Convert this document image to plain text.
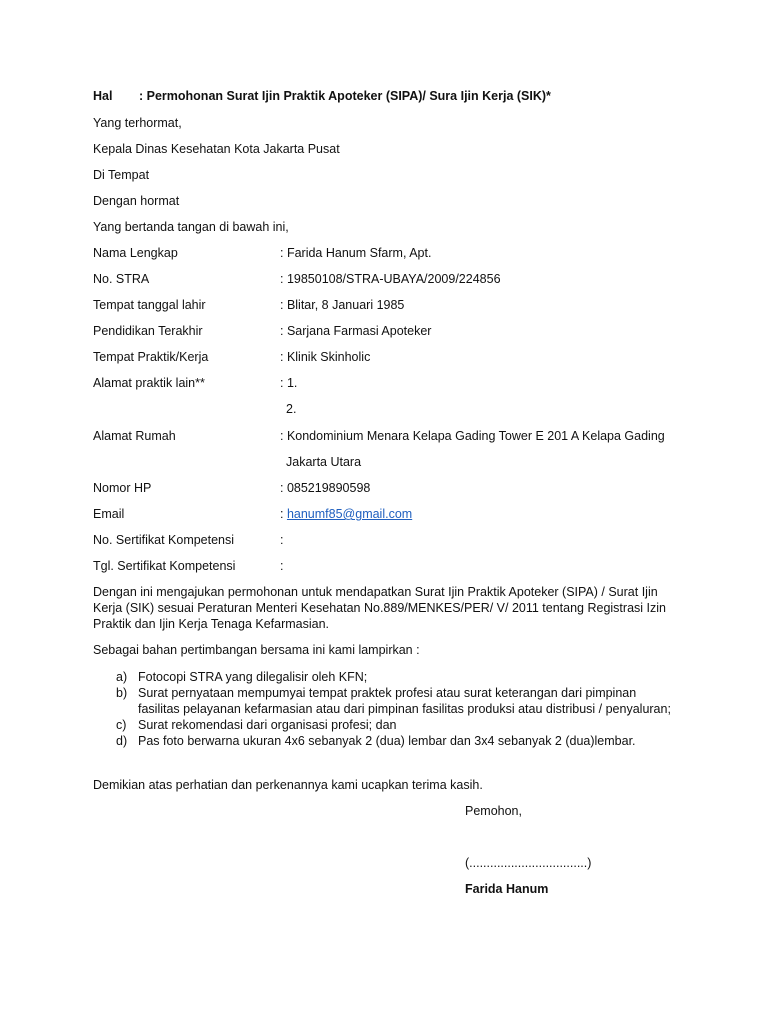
Hal : Permohonan Surat Ijin Praktik Apoteker (SIPA)/ Sura Ijin Kerja (SIK)*
Yang terhormat,
Kepala Dinas Kesehatan Kota Jakarta Pusat
Di Tempat
Dengan hormat
Yang bertanda tangan di bawah ini,
Nama Lengkap	: Farida Hanum Sfarm, Apt.
No. STRA	: 19850108/STRA-UBAYA/2009/224856
Tempat tanggal lahir	: Blitar, 8 Januari 1985
Pendidikan Terakhir	: Sarjana Farmasi Apoteker
Tempat Praktik/Kerja	: Klinik Skinholic
Alamat praktik lain**	: 1.
2.
Alamat Rumah	: Kondominium Menara Kelapa Gading Tower E 201 A Kelapa Gading
Jakarta Utara
Nomor HP	: 085219890598
Email	: hanumf85@gmail.com
No. Sertifikat Kompetensi	:
Tgl. Sertifikat Kompetensi	:
Dengan ini mengajukan permohonan untuk mendapatkan Surat Ijin Praktik Apoteker (SIPA) / Surat Ijin Kerja (SIK) sesuai Peraturan Menteri Kesehatan No.889/MENKES/PER/ V/ 2011 tentang Registrasi Izin Praktik dan Ijin Kerja Tenaga Kefarmasian.
Sebagai bahan pertimbangan bersama ini kami lampirkan :
a) Fotocopi STRA yang dilegalisir oleh KFN;
b) Surat pernyataan mempumyai tempat praktek profesi atau surat keterangan dari pimpinan fasilitas pelayanan kefarmasian atau dari pimpinan fasilitas produksi atau distribusi / penyaluran;
c) Surat rekomendasi dari organisasi profesi; dan
d) Pas foto berwarna ukuran 4x6 sebanyak 2 (dua) lembar dan 3x4 sebanyak 2 (dua)lembar.
Demikian atas perhatian dan perkenannya kami ucapkan terima kasih.
Pemohon,
(..................................)
Farida Hanum
